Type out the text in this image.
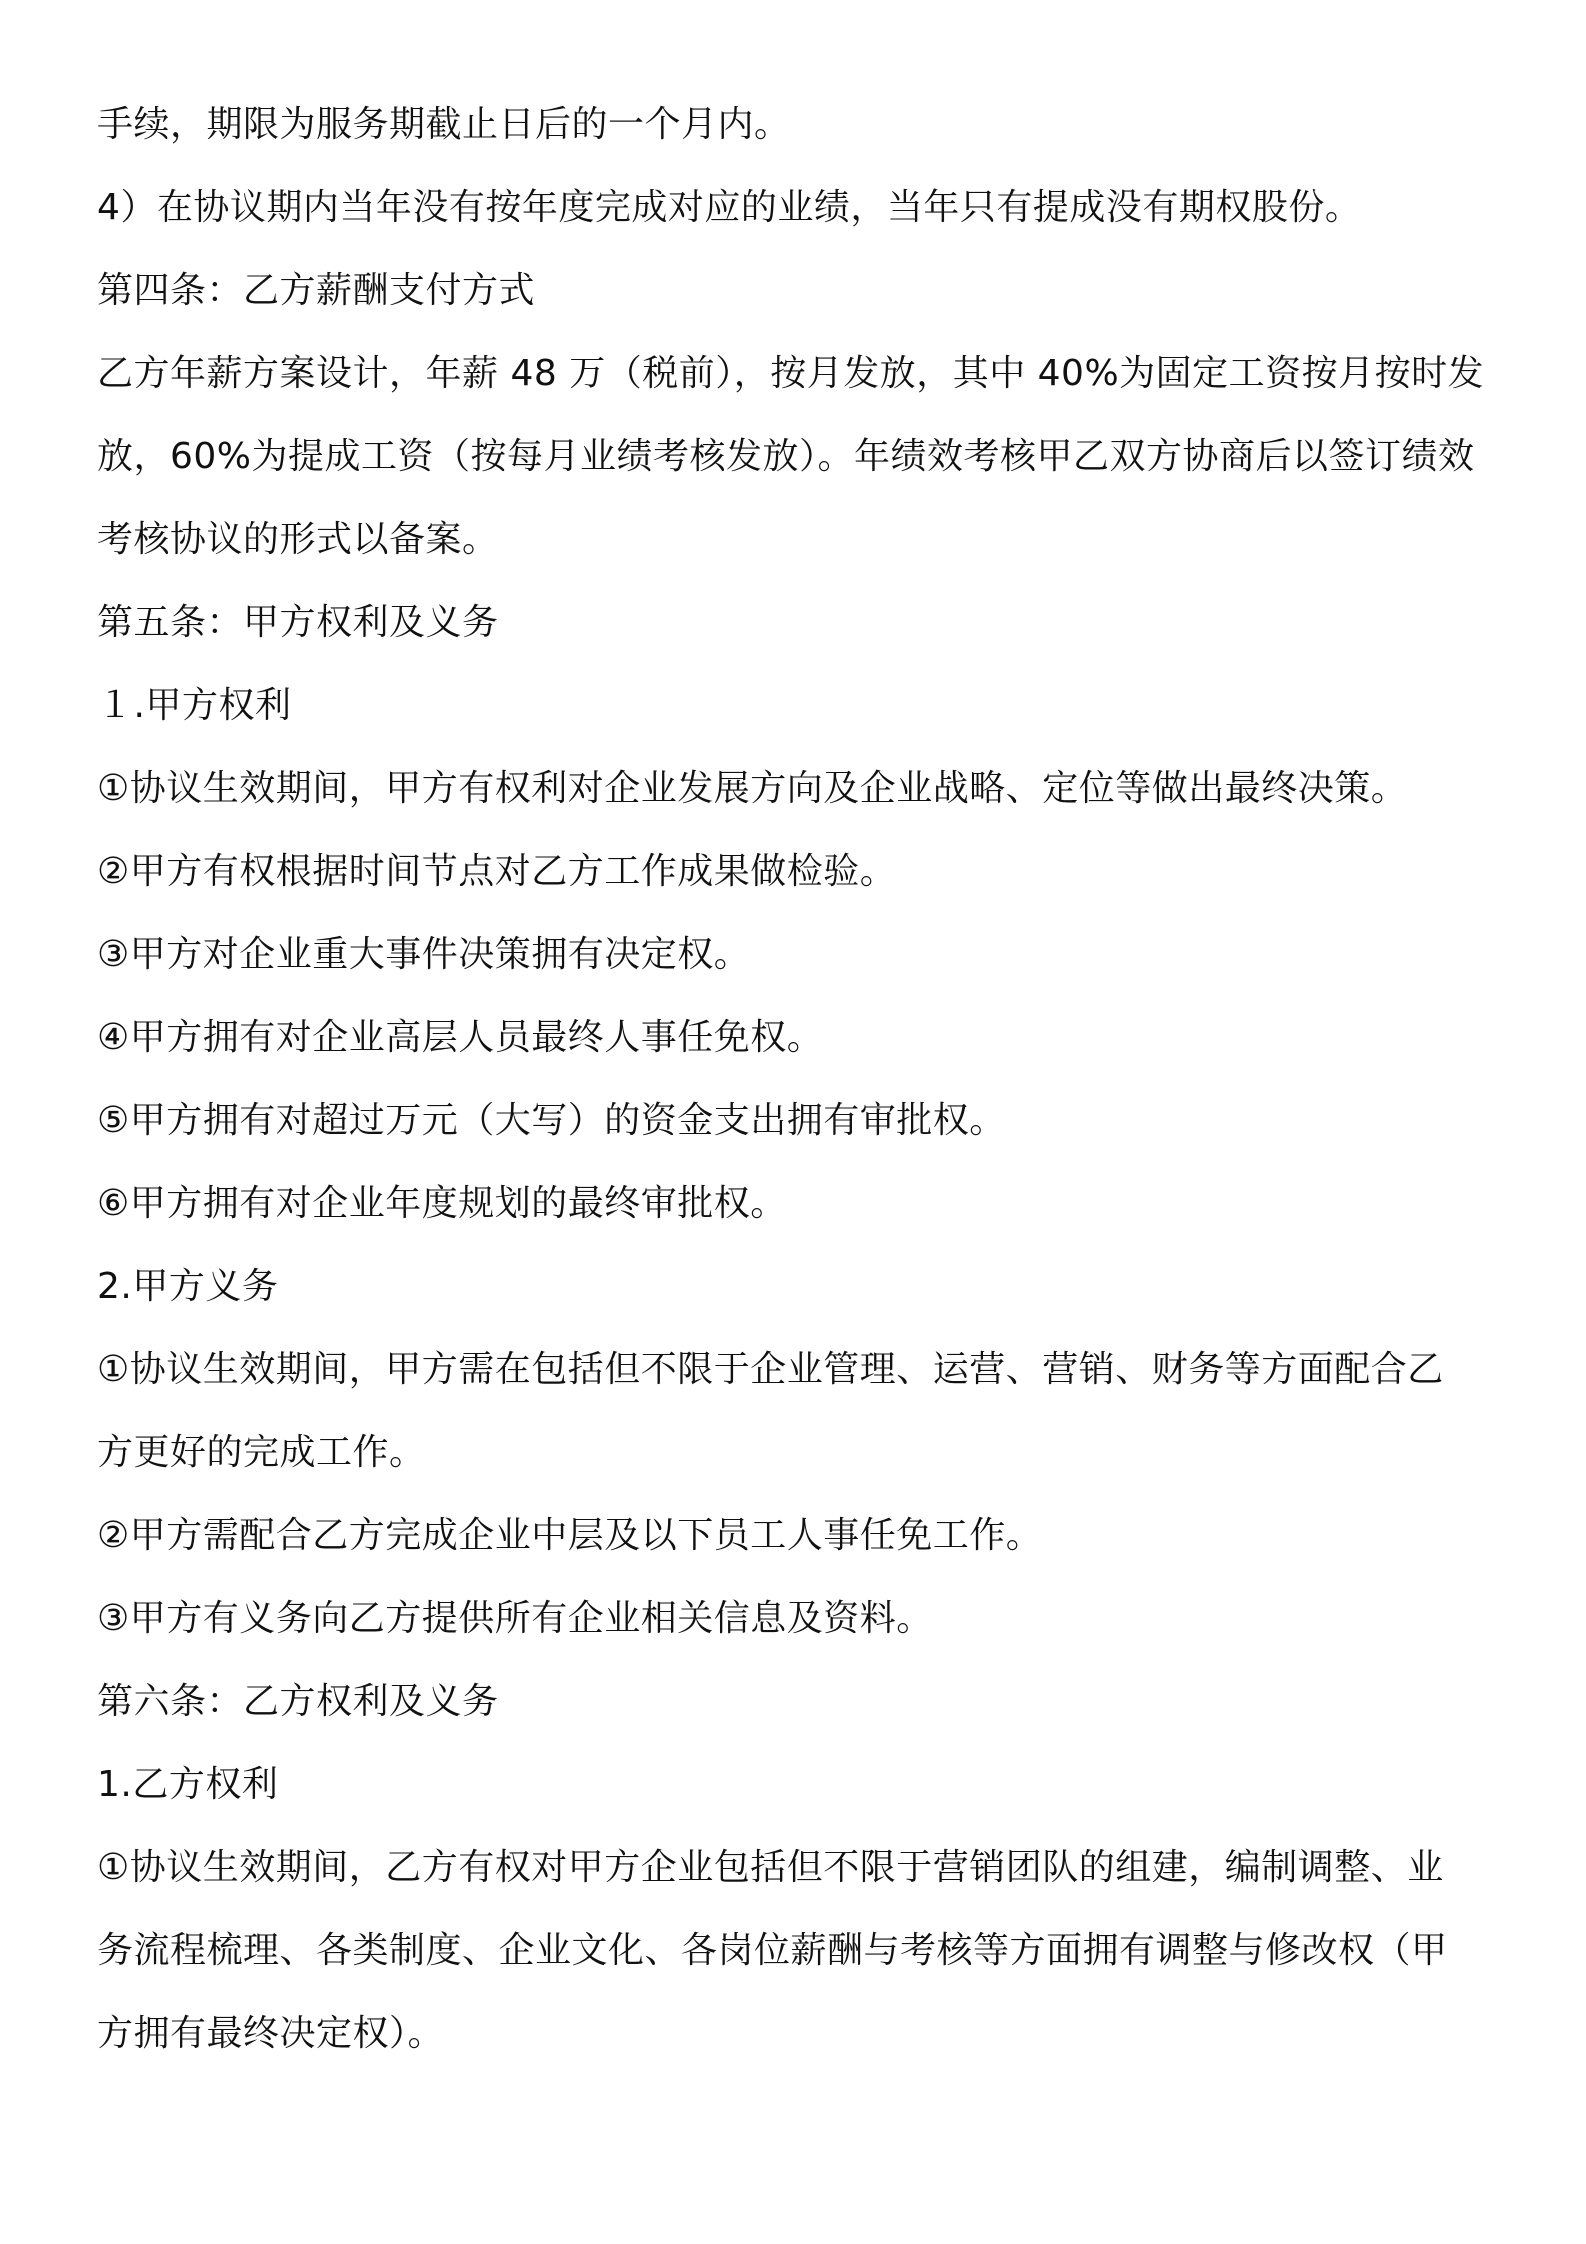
手续，期限为服务期截止日后的一个月内。
4）在协议期内当年没有按年度完成对应的业绩，当年只有提成没有期权股份。
第四条：乙方薪酬支付方式
乙方年薪方案设计，年薪 48 万（税前），按月发放，其中 40%为固定工资按月按时发
放，60%为提成工资（按每月业绩考核发放）。年绩效考核甲乙双方协商后以签订绩效
考核协议的形式以备案。
第五条：甲方权利及义务
１.甲方权利
①协议生效期间，甲方有权利对企业发展方向及企业战略、定位等做出最终决策。
②甲方有权根据时间节点对乙方工作成果做检验。
③甲方对企业重大事件决策拥有决定权。
④甲方拥有对企业高层人员最终人事任免权。
⑤甲方拥有对超过万元（大写）的资金支出拥有审批权。
⑥甲方拥有对企业年度规划的最终审批权。
2.甲方义务
①协议生效期间，甲方需在包括但不限于企业管理、运营、营销、财务等方面配合乙
方更好的完成工作。
②甲方需配合乙方完成企业中层及以下员工人事任免工作。
③甲方有义务向乙方提供所有企业相关信息及资料。
第六条：乙方权利及义务
1.乙方权利
①协议生效期间，乙方有权对甲方企业包括但不限于营销团队的组建，编制调整、业
务流程梳理、各类制度、企业文化、各岗位薪酬与考核等方面拥有调整与修改权（甲
方拥有最终决定权）。
